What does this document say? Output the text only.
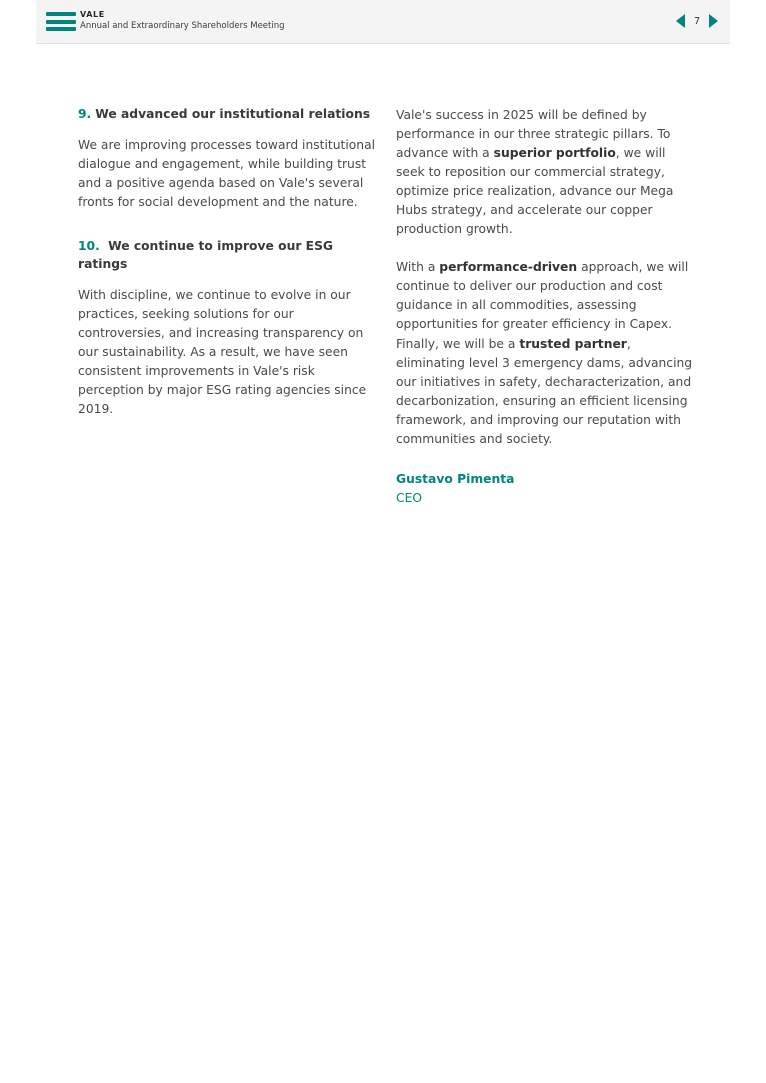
VALE
Annual and Extraordinary Shareholders Meeting	7
9. We advanced our institutional relations

We are improving processes toward institutional dialogue and engagement, while building trust and a positive agenda based on Vale's several fronts for social development and the nature.

10. We continue to improve our ESG ratings

With discipline, we continue to evolve in our practices, seeking solutions for our controversies, and increasing transparency on our sustainability. As a result, we have seen consistent improvements in Vale's risk perception by major ESG rating agencies since 2019.

Vale's success in 2025 will be defined by performance in our three strategic pillars. To advance with a superior portfolio, we will seek to reposition our commercial strategy, optimize price realization, advance our Mega Hubs strategy, and accelerate our copper production growth.

With a performance-driven approach, we will continue to deliver our production and cost guidance in all commodities, assessing opportunities for greater efficiency in Capex. Finally, we will be a trusted partner, eliminating level 3 emergency dams, advancing our initiatives in safety, decharacterization, and decarbonization, ensuring an efficient licensing framework, and improving our reputation with communities and society.

Gustavo Pimenta
CEO
